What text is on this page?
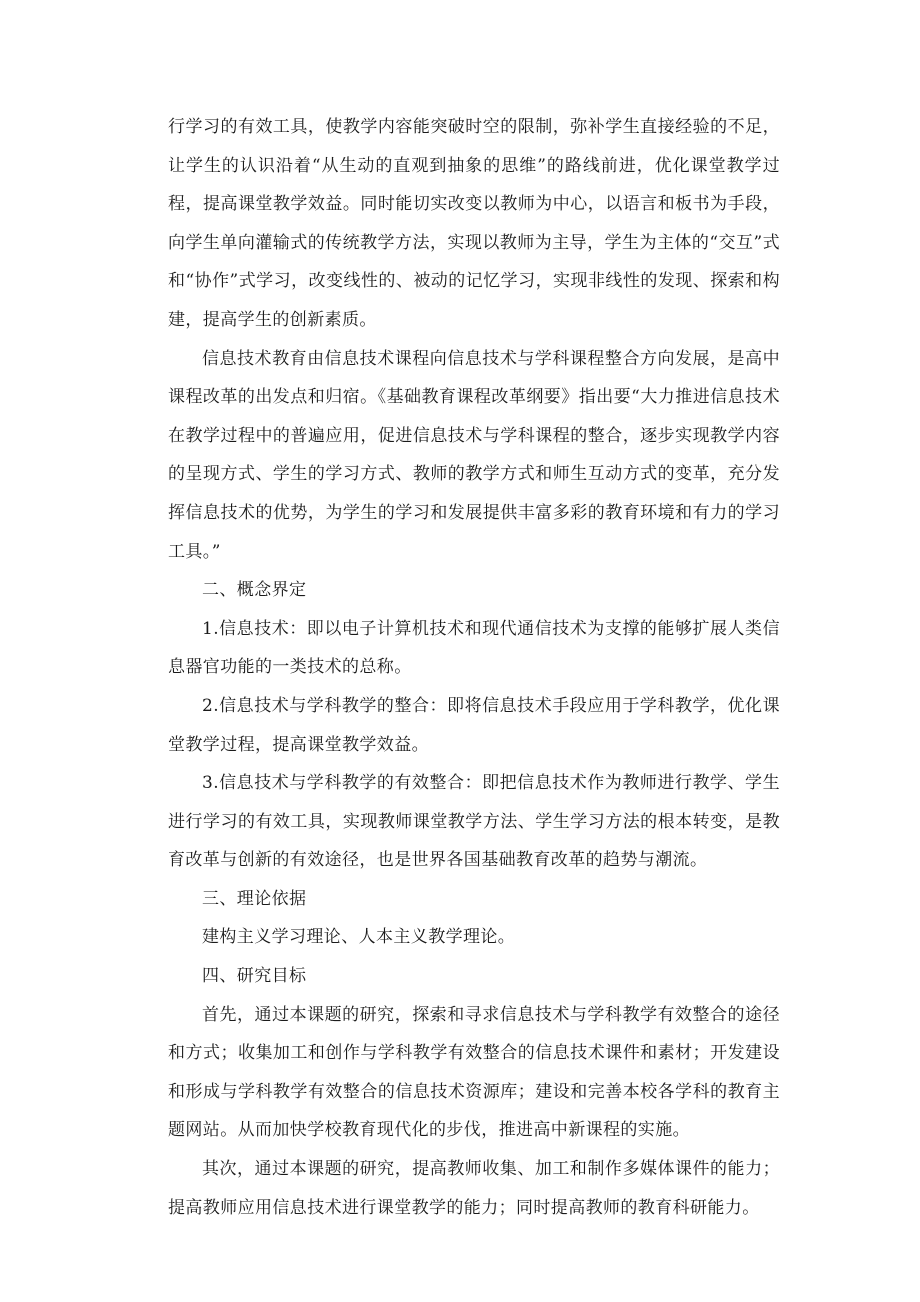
行学习的有效工具，使教学内容能突破时空的限制，弥补学生直接经验的不足，让学生的认识沿着“从生动的直观到抽象的思维”的路线前进，优化课堂教学过程，提高课堂教学效益。同时能切实改变以教师为中心，以语言和板书为手段，向学生单向灌输式的传统教学方法，实现以教师为主导，学生为主体的“交互”式和“协作”式学习，改变线性的、被动的记忆学习，实现非线性的发现、探索和构建，提高学生的创新素质。

信息技术教育由信息技术课程向信息技术与学科课程整合方向发展，是高中课程改革的出发点和归宿。《基础教育课程改革纲要》指出要“大力推进信息技术在教学过程中的普遍应用，促进信息技术与学科课程的整合，逐步实现教学内容的呈现方式、学生的学习方式、教师的教学方式和师生互动方式的变革，充分发挥信息技术的优势，为学生的学习和发展提供丰富多彩的教育环境和有力的学习工具。”

二、概念界定

1.信息技术：即以电子计算机技术和现代通信技术为支撑的能够扩展人类信息器官功能的一类技术的总称。

2.信息技术与学科教学的整合：即将信息技术手段应用于学科教学，优化课堂教学过程，提高课堂教学效益。

3.信息技术与学科教学的有效整合：即把信息技术作为教师进行教学、学生进行学习的有效工具，实现教师课堂教学方法、学生学习方法的根本转变，是教育改革与创新的有效途径，也是世界各国基础教育改革的趋势与潮流。

三、理论依据

建构主义学习理论、人本主义教学理论。

四、研究目标

首先，通过本课题的研究，探索和寻求信息技术与学科教学有效整合的途径和方式；收集加工和创作与学科教学有效整合的信息技术课件和素材；开发建设和形成与学科教学有效整合的信息技术资源库；建设和完善本校各学科的教育主题网站。从而加快学校教育现代化的步伐，推进高中新课程的实施。

其次，通过本课题的研究，提高教师收集、加工和制作多媒体课件的能力；提高教师应用信息技术进行课堂教学的能力；同时提高教师的教育科研能力。
